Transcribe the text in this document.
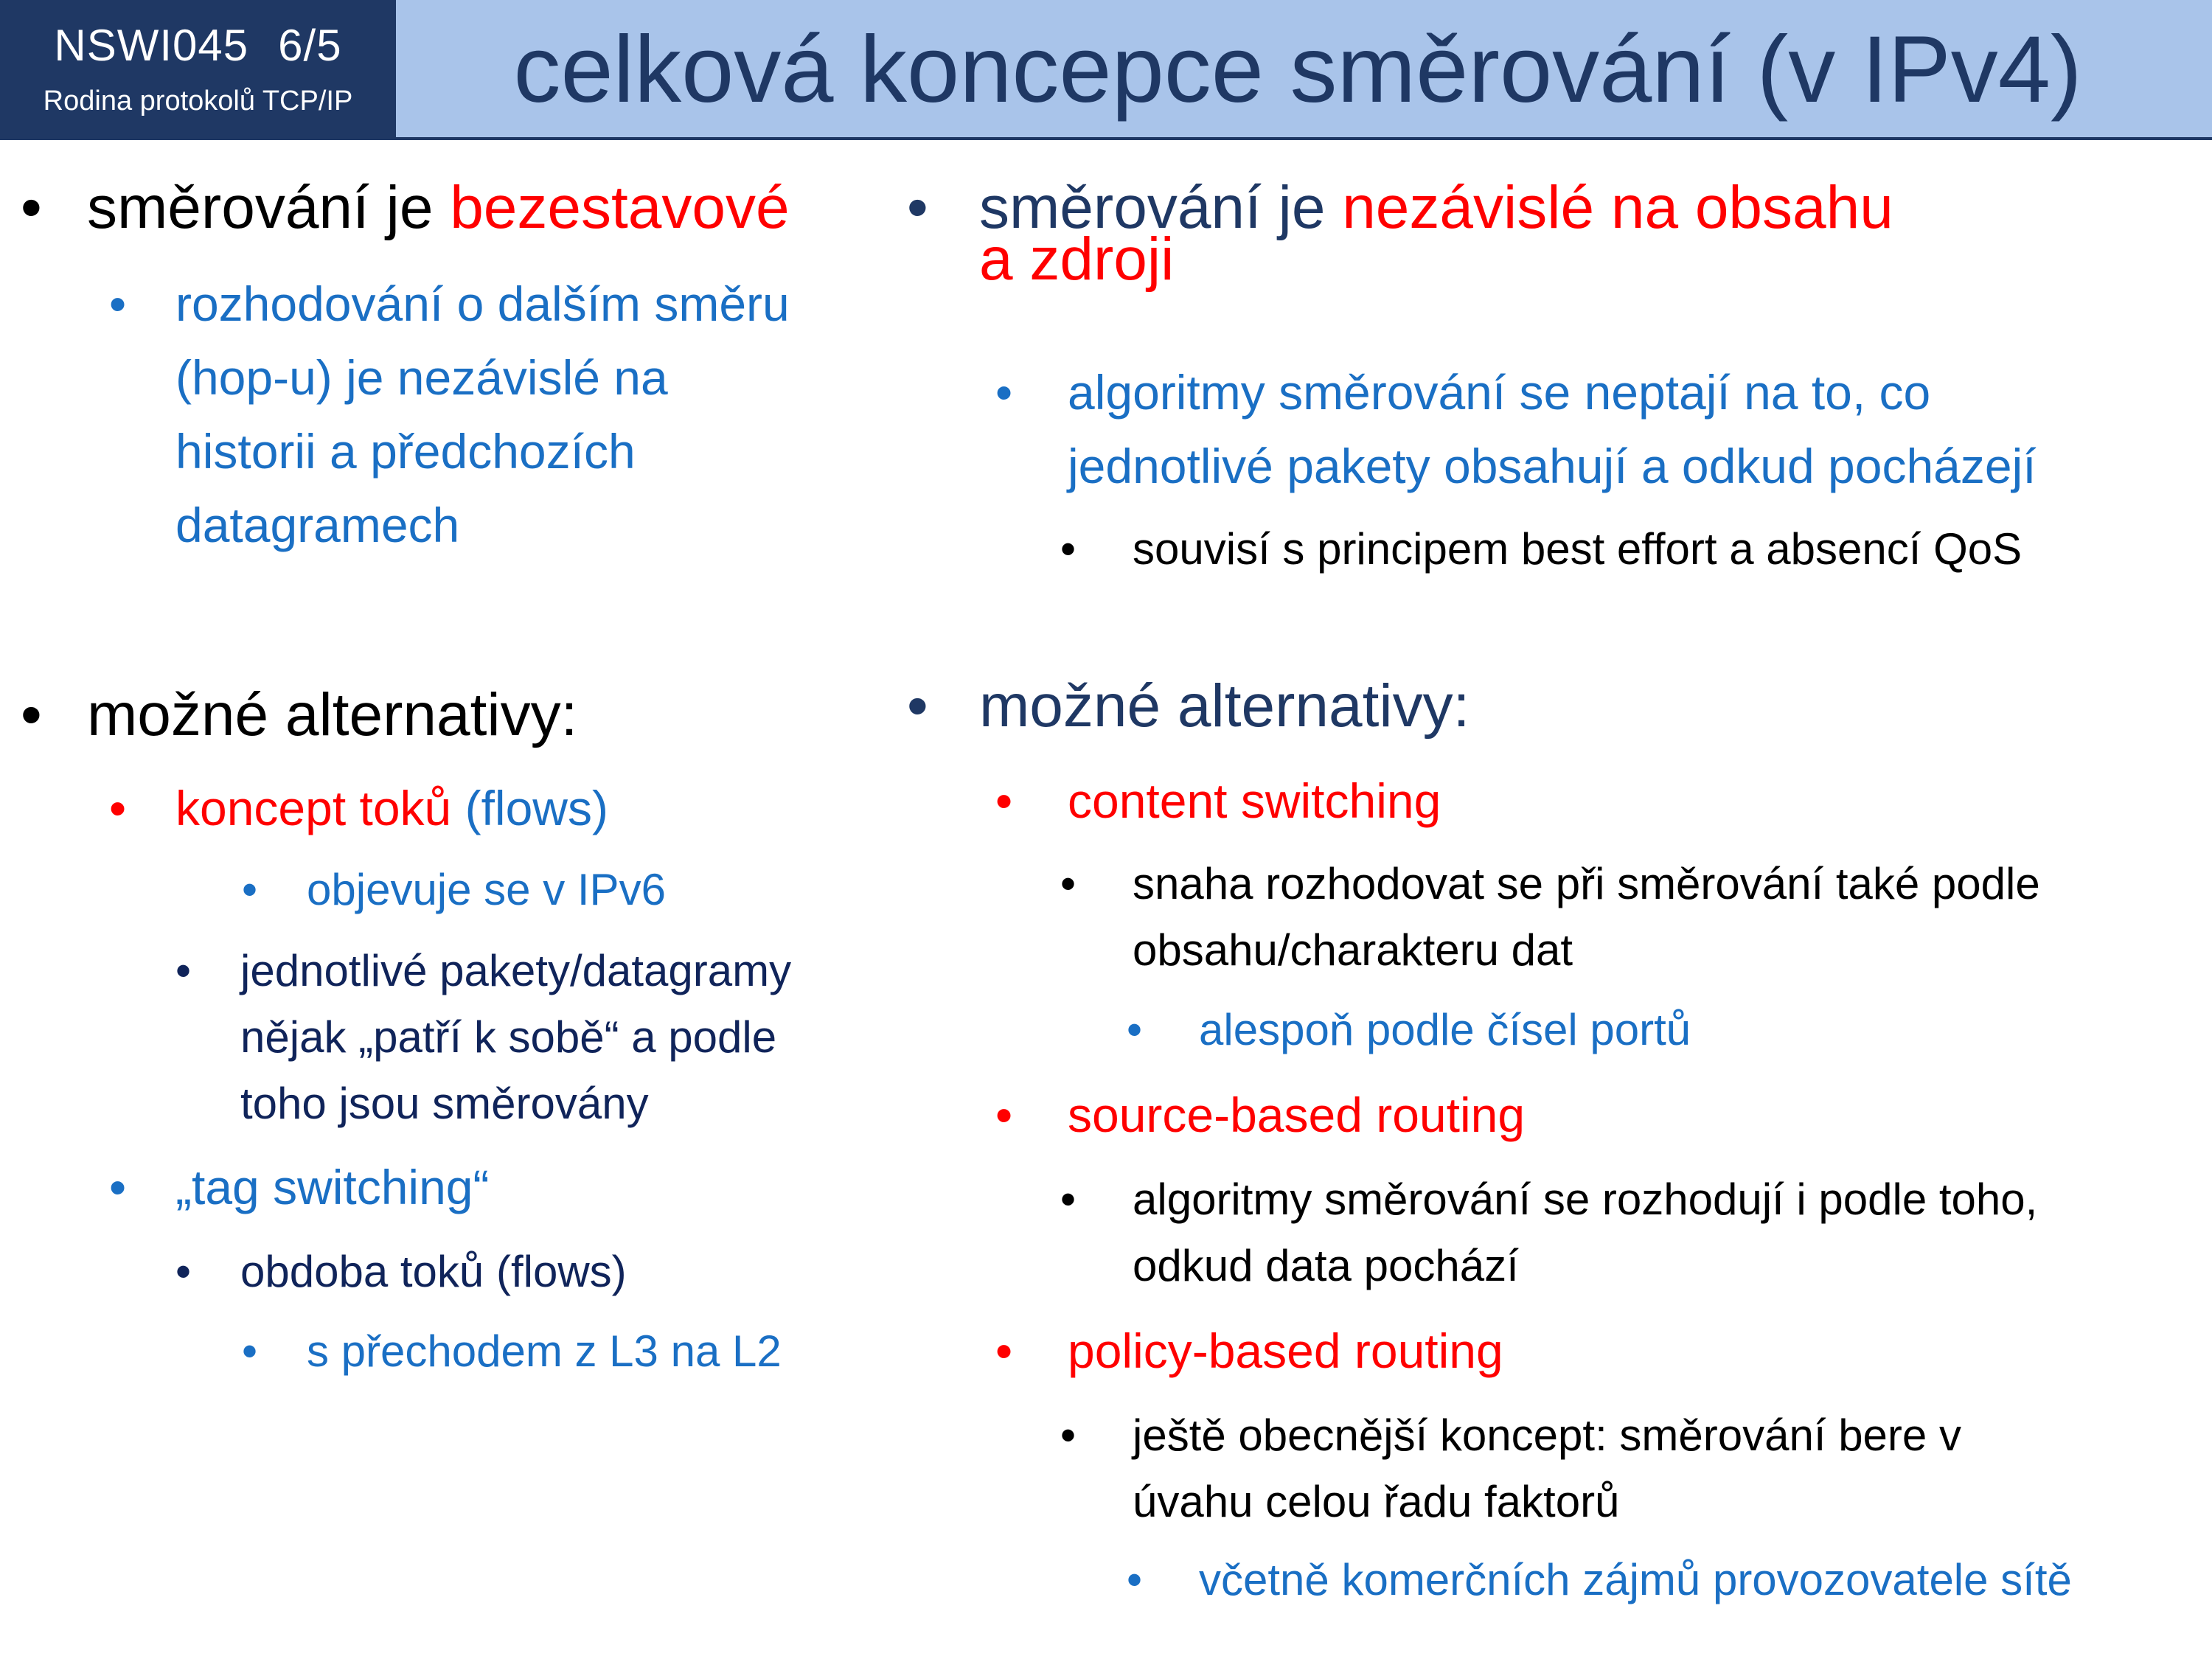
NSWI045 6/5
Rodina protokolů TCP/IP	celková koncepce směrování (v IPv4)
• směrování je bezestavové
• rozhodování o dalším směru
(hop-u) je nezávislé na
historii a předchozích
datagramech
• možné alternativy:
• koncept toků (flows)
• objevuje se v IPv6
• jednotlivé pakety/datagramy
nějak „patří k sobě“ a podle
toho jsou směrovány
• „tag switching“
• obdoba toků (flows)
• s přechodem z L3 na L2
• směrování je nezávislé na obsahu
a zdroji
• algoritmy směrování se neptají na to, co
jednotlivé pakety obsahují a odkud pocházejí
• souvisí s principem best effort a absencí QoS
• možné alternativy:
• content switching
• snaha rozhodovat se při směrování také podle
obsahu/charakteru dat
• alespoň podle čísel portů
• source-based routing
• algoritmy směrování se rozhodují i podle toho,
odkud data pochází
• policy-based routing
• ještě obecnější koncept: směrování bere v
úvahu celou řadu faktorů
• včetně komerčních zájmů provozovatele sítě
